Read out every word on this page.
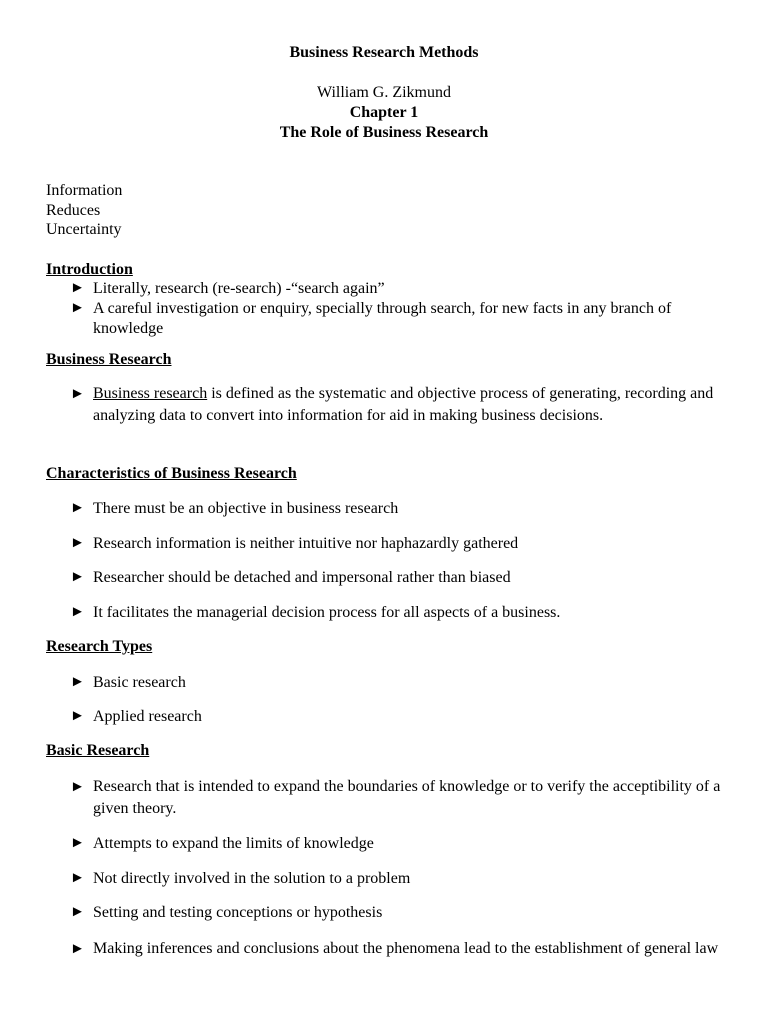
Business Research Methods
William G. Zikmund
Chapter 1
The Role of Business Research
Information
Reduces
Uncertainty
Introduction
► Literally, research (re-search) -“search again”
► A careful investigation or enquiry, specially through search, for new facts in any branch of knowledge
Business Research
► Business research is defined as the systematic and objective process of generating, recording and analyzing data to convert into information for aid in making business decisions.
Characteristics of Business Research
► There must be an objective in business research
► Research information is neither intuitive nor haphazardly gathered
► Researcher should be detached and impersonal rather than biased
► It facilitates the managerial decision process for all aspects of a business.
Research Types
► Basic research
► Applied research
Basic Research
► Research that is intended to expand the boundaries of knowledge or to verify the acceptibility of a given theory.
► Attempts to expand the limits of knowledge
► Not directly involved in the solution to a problem
► Setting and testing conceptions or hypothesis
► Making inferences and conclusions about the phenomena lead to the establishment of general law
